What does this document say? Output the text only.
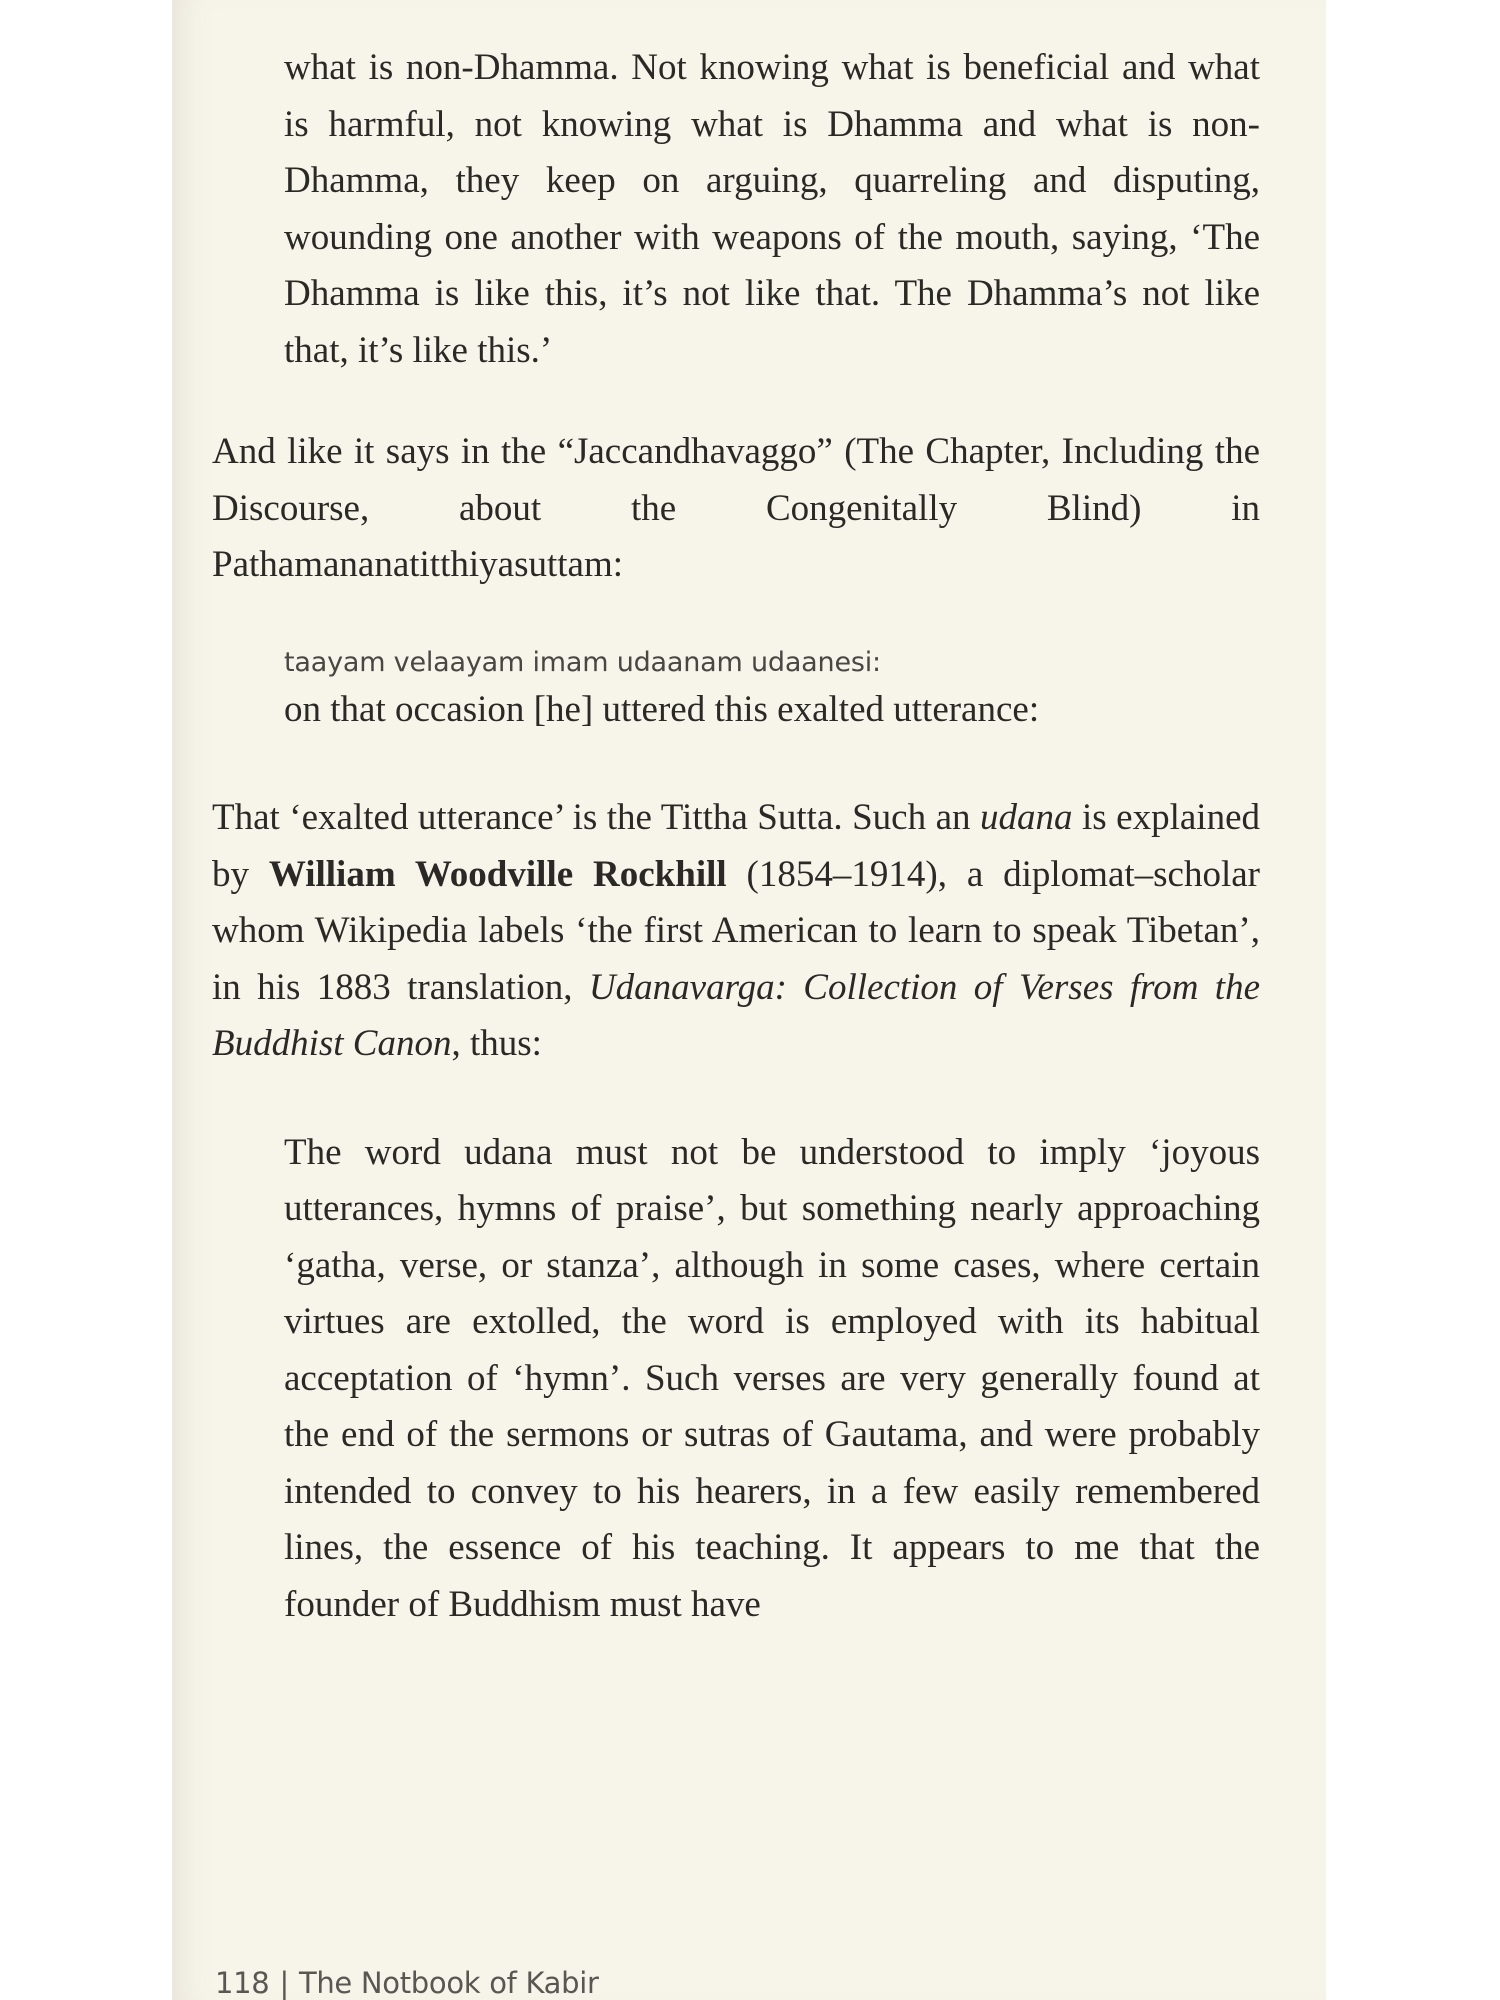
what is non-Dhamma. Not knowing what is beneficial and what is harmful, not knowing what is Dhamma and what is non-Dhamma, they keep on arguing, quarreling and disputing, wounding one another with weapons of the mouth, saying, ‘The Dhamma is like this, it’s not like that. The Dhamma’s not like that, it’s like this.’

And like it says in the “Jaccandhavaggo” (The Chapter, Including the Discourse, about the Congenitally Blind) in Pathamananatitthiyasuttam:

taayam velaayam imam udaanam udaanesi:

on that occasion [he] uttered this exalted utterance:

That ‘exalted utterance’ is the Tittha Sutta. Such an udana is explained by William Woodville Rockhill (1854–1914), a diplomat–scholar whom Wikipedia labels ‘the first American to learn to speak Tibetan’, in his 1883 translation, Udanavarga: Collection of Verses from the Buddhist Canon, thus:

The word udana must not be understood to imply ‘joyous utterances, hymns of praise’, but something nearly approaching ‘gatha, verse, or stanza’, although in some cases, where certain virtues are extolled, the word is employed with its habitual acceptation of ‘hymn’. Such verses are very generally found at the end of the sermons or sutras of Gautama, and were probably intended to convey to his hearers, in a few easily remembered lines, the essence of his teaching. It appears to me that the founder of Buddhism must have

118 | The Notbook of Kabir
